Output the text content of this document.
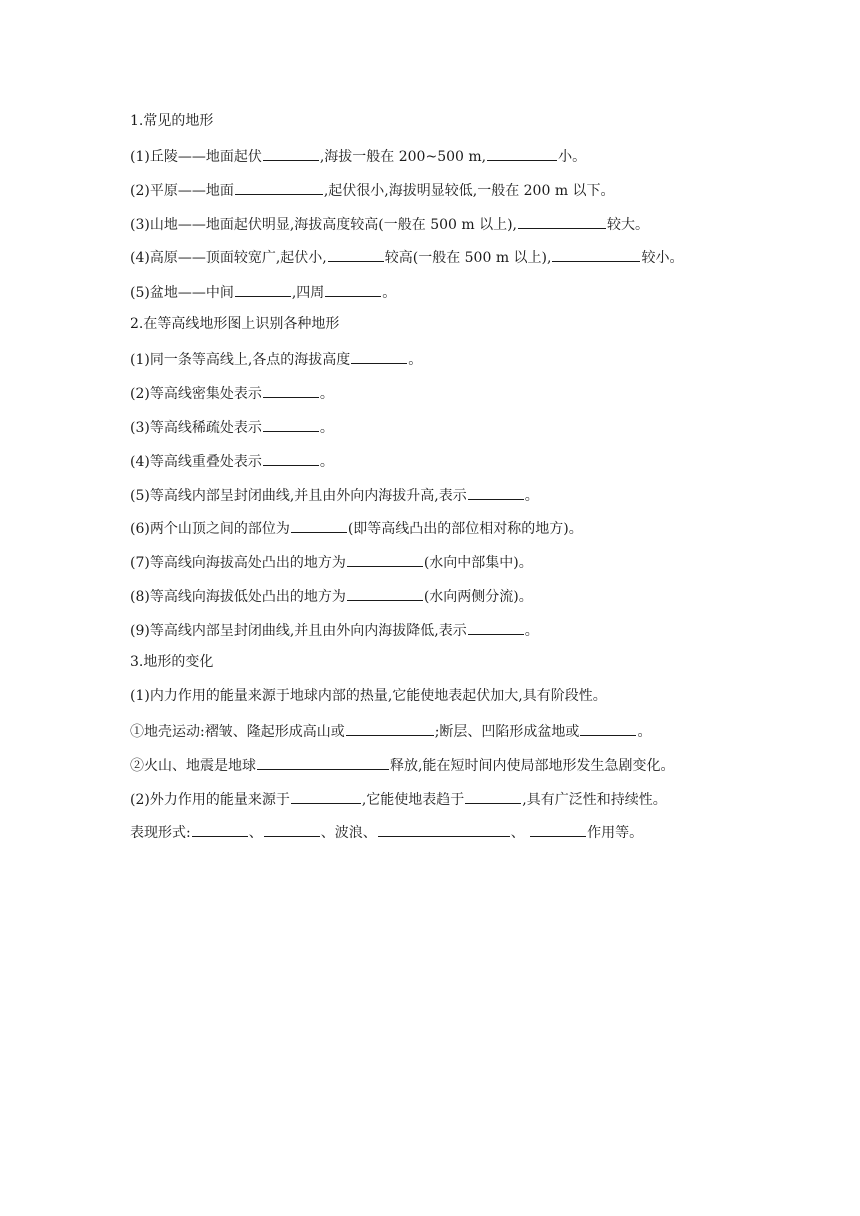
1.常见的地形
(1)丘陵——地面起伏	,海拔一般在 200~500 m,	小。
(2)平原——地面	,起伏很小,海拔明显较低,一般在 200 m 以下。
(3)山地——地面起伏明显,海拔高度较高(一般在 500 m 以上),	较大。
(4)高原——顶面较宽广,起伏小,	较高(一般在 500 m 以上),	较小。
(5)盆地——中间	,四周	。
2.在等高线地形图上识别各种地形
(1)同一条等高线上,各点的海拔高度	。
(2)等高线密集处表示	。
(3)等高线稀疏处表示	。
(4)等高线重叠处表示	。
(5)等高线内部呈封闭曲线,并且由外向内海拔升高,表示	。
(6)两个山顶之间的部位为	(即等高线凸出的部位相对称的地方)。
(7)等高线向海拔高处凸出的地方为	(水向中部集中)。
(8)等高线向海拔低处凸出的地方为	(水向两侧分流)。
(9)等高线内部呈封闭曲线,并且由外向内海拔降低,表示	。
3.地形的变化
(1)内力作用的能量来源于地球内部的热量,它能使地表起伏加大,具有阶段性。
①地壳运动:褶皱、隆起形成高山或	;断层、凹陷形成盆地或	。
②火山、地震是地球	释放,能在短时间内使局部地形发生急剧变化。
(2)外力作用的能量来源于	,它能使地表趋于	,具有广泛性和持续性。
表现形式:	、	、波浪、	、	作用等。
